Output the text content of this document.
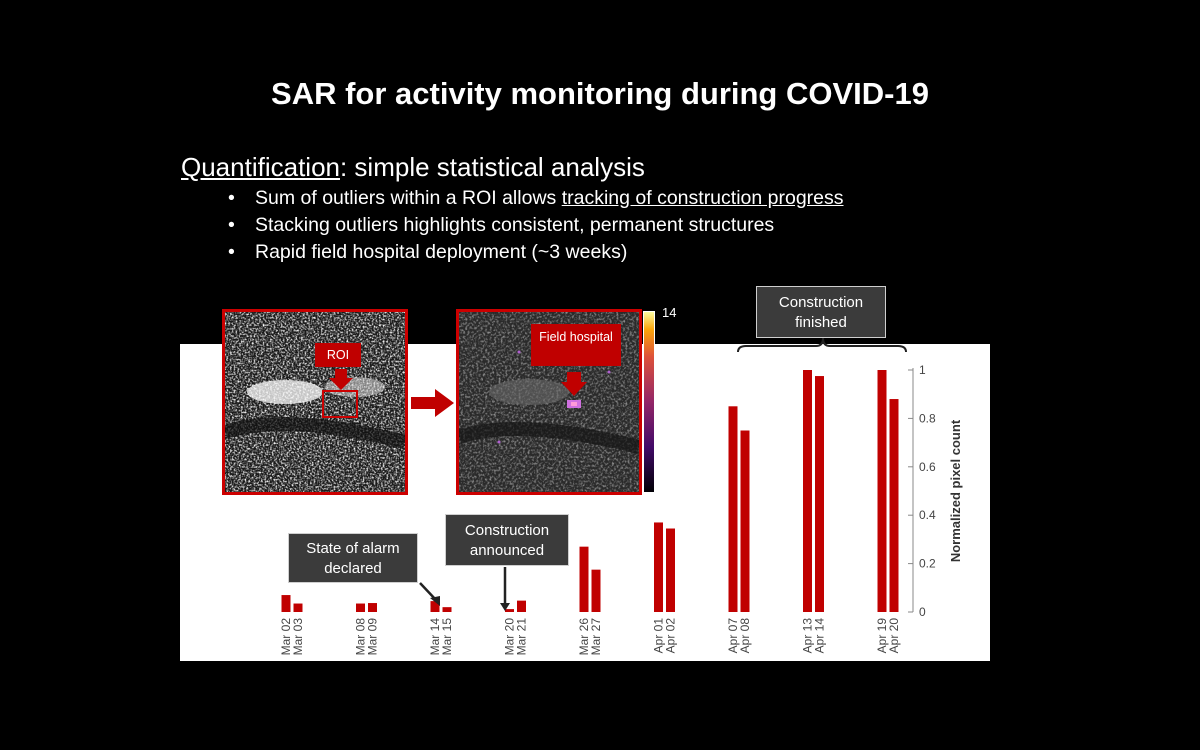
SAR for activity monitoring during COVID-19
Quantification: simple statistical analysis
• Sum of outliers within a ROI allows tracking of construction progress
• Stacking outliers highlights consistent, permanent structures
• Rapid field hospital deployment (~3 weeks)
Mar 02
Mar 03	Mar 08
Mar 09	Mar 14
Mar 15	Mar 20
Mar 21	Mar 26
Mar 27	Apr 01
Apr 02	Apr 07
Apr 08	Apr 13
Apr 14	Apr 19
Apr 20
0
0.2
0.4
0.6
0.8
1
Normalized pixel count
ROI
Field hospital
14
State of alarm declared
Construction announced
Construction finished
